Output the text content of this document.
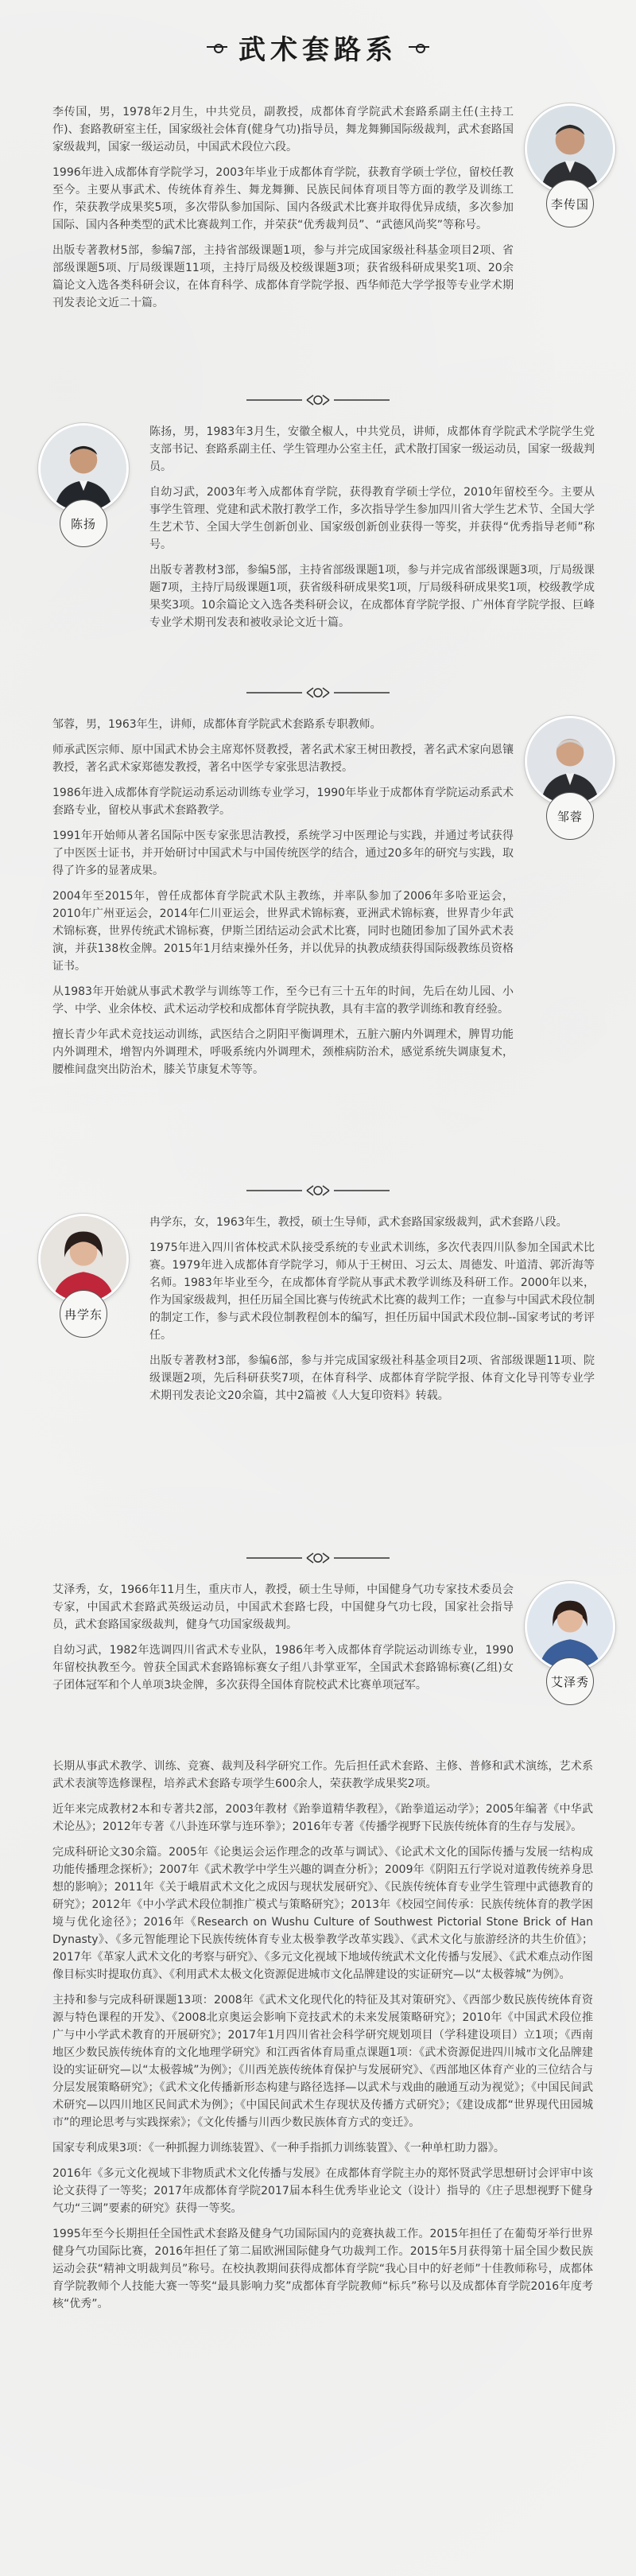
武术套路系

李传国，男，1978年2月生，中共党员，副教授，成都体育学院武术套路系副主任(主持工作)、套路教研室主任，国家级社会体育(健身气功)指导员，舞龙舞狮国际级裁判，武术套路国家级裁判，国家一级运动员，中国武术段位六段。

1996年进入成都体育学院学习，2003年毕业于成都体育学院，获教育学硕士学位，留校任教至今。主要从事武术、传统体育养生、舞龙舞狮、民族民间体育项目等方面的教学及训练工作，荣获教学成果奖5项，多次带队参加国际、国内各级武术比赛并取得优异成绩，多次参加国际、国内各种类型的武术比赛裁判工作，并荣获“优秀裁判员”、“武德风尚奖”等称号。

出版专著教材5部，参编7部，主持省部级课题1项，参与并完成国家级社科基金项目2项、省部级课题5项、厅局级课题11项，主持厅局级及校级课题3项；获省级科研成果奖1项、20余篇论文入选各类科研会议，在体育科学、成都体育学院学报、西华师范大学学报等专业学术期刊发表论文近二十篇。

李传国
陈扬

陈扬，男，1983年3月生，安徽全椒人，中共党员，讲师，成都体育学院武术学院学生党支部书记、套路系副主任、学生管理办公室主任，武术散打国家一级运动员，国家一级裁判员。

自幼习武，2003年考入成都体育学院，获得教育学硕士学位，2010年留校至今。主要从事学生管理、党建和武术散打教学工作，多次指导学生参加四川省大学生艺术节、全国大学生艺术节、全国大学生创新创业、国家级创新创业获得一等奖，并获得“优秀指导老师”称号。

出版专著教材3部，参编5部，主持省部级课题1项，参与并完成省部级课题3项，厅局级课题7项，主持厅局级课题1项，获省级科研成果奖1项，厅局级科研成果奖1项，校级教学成果奖3项。10余篇论文入选各类科研会议，在成都体育学院学报、广州体育学院学报、巨峰专业学术期刊发表和被收录论文近十篇。

邹蓉，男，1963年生，讲师，成都体育学院武术套路系专职教师。

师承武医宗师、原中国武术协会主席郑怀贤教授，著名武术家王树田教授，著名武术家向恩镶教授，著名武术家郑德发教授，著名中医学专家张思洁教授。

1986年进入成都体育学院运动系运动训练专业学习，1990年毕业于成都体育学院运动系武术套路专业，留校从事武术套路教学。

1991年开始师从著名国际中医专家张思洁教授，系统学习中医理论与实践，并通过考试获得了中医医士证书，并开始研讨中国武术与中国传统医学的结合，通过20多年的研究与实践，取得了许多的显著成果。

2004年至2015年，曾任成都体育学院武术队主教练，并率队参加了2006年多哈亚运会，2010年广州亚运会，2014年仁川亚运会，世界武术锦标赛，亚洲武术锦标赛，世界青少年武术锦标赛，世界传统武术锦标赛，伊斯兰团结运动会武术比赛，同时也随团参加了国外武术表演，并获138枚金牌。2015年1月结束操外任务，并以优异的执教成绩获得国际级教练员资格证书。

从1983年开始就从事武术教学与训练等工作，至今已有三十五年的时间，先后在幼儿园、小学、中学、业余体校、武术运动学校和成都体育学院执教，具有丰富的教学训练和教育经验。

擅长青少年武术竞技运动训练，武医结合之阴阳平衡调理术，五脏六腑内外调理术，脾胃功能内外调理术，增智内外调理术，呼吸系统内外调理术，颈椎病防治术，感觉系统失调康复术，腰椎间盘突出防治术，膝关节康复术等等。

邹蓉
冉学东

冉学东，女，1963年生，教授，硕士生导师，武术套路国家级裁判，武术套路八段。

1975年进入四川省体校武术队接受系统的专业武术训练，多次代表四川队参加全国武术比赛。1979年进入成都体育学院学习，师从于王树田、习云太、周德发、叶道清、郭沂海等名师。1983年毕业至今，在成都体育学院从事武术教学训练及科研工作。2000年以来，作为国家级裁判，担任历届全国比赛与传统武术比赛的裁判工作；一直参与中国武术段位制的制定工作，参与武术段位制教程创本的编写，担任历届中国武术段位制--国家考试的考评任。

出版专著教材3部，参编6部，参与并完成国家级社科基金项目2项、省部级课题11项、院级课题2项，先后科研获奖7项，在体育科学、成都体育学院学报、体育文化导刊等专业学术期刊发表论文20余篇，其中2篇被《人大复印资料》转载。

艾泽秀

艾泽秀，女，1966年11月生，重庆市人，教授，硕士生导师，中国健身气功专家技术委员会专家，中国武术套路武英级运动员，中国武术套路七段，中国健身气功七段，国家社会指导员，武术套路国家级裁判，健身气功国家级裁判。

自幼习武，1982年选调四川省武术专业队，1986年考入成都体育学院运动训练专业，1990年留校执教至今。曾获全国武术套路锦标赛女子组八卦掌亚军，全国武术套路锦标赛(乙组)女子团体冠军和个人单项3块金牌，多次获得全国体育院校武术比赛单项冠军。

长期从事武术教学、训练、竞赛、裁判及科学研究工作。先后担任武术套路、主修、普修和武术演练，艺术系武术表演等选修课程，培养武术套路专项学生600余人，荣获教学成果奖2项。

近年来完成教材2本和专著共2部，2003年教材《跆拳道精华教程》，《跆拳道运动学》；2005年编著《中华武术论丛》；2012年专著《八卦连环掌与连环拳》；2016年专著《传播学视野下民族传统体育的生存与发展》。

完成科研论文30余篇。2005年《论奥运会运作理念的改革与调试》、《论武术文化的国际传播与发展一结构成功能传播理念探析》；2007年《武术教学中学生兴趣的调查分析》；2009年《阴阳五行学说对道教传统养身思想的影响》；2011年《关于峨眉武术文化之成因与现状发展研究》、《民族传统体育专业学生管理中武德教育的研究》；2012年《中小学武术段位制推广模式与策略研究》；2013年《校园空间传承：民族传统体育的教学困境与优化途径》；2016年《Research on Wushu Culture of Southwest Pictorial Stone Brick of Han Dynasty》、《多元智能理论下民族传统体育专业太极拳教学改革实践》、《武术文化与旅游经济的共生价值》；2017年《革家人武术文化的考察与研究》、《多元文化视域下地域传统武术文化传播与发展》、《武术难点动作图像目标实时提取仿真》、《利用武术太极文化资源促进城市文化品牌建设的实证研究—以“太极蓉城”为例》。

主持和参与完成科研课题13项：2008年《武术文化现代化的特征及其对策研究》、《西部少数民族传统体育资源与特色课程的开发》、《2008北京奥运会影响下竞技武术的未来发展策略研究》；2010年《中国武术段位推广与中小学武术教育的开展研究》；2017年1月四川省社会科学研究规划项目（学科建设项目）立1项；《西南地区少数民族传统体育的文化地理学研究》和江西省体育局重点课题1项：《武术资源促进四川城市文化品牌建设的实证研究—以“太极蓉城”为例》；《川西羌族传统体育保护与发展研究》、《西部地区体育产业的三位结合与分层发展策略研究》；《武术文化传播新形态构建与路径选择—以武术与戏曲的融通互动为视觉》；《中国民间武术研究—以四川地区民间武术为例》；《中国民间武术生存现状及传播方式研究》；《建设成都“世界现代田园城市”的理论思考与实践探索》；《文化传播与川西少数民族体育方式的变迁》。

国家专利成果3项：《一种抓握力训练装置》、《一种手指抓力训练装置》、《一种单杠助力器》。

2016年《多元文化视域下非物质武术文化传播与发展》在成都体育学院主办的郑怀贤武学思想研讨会评审中该论文获得了一等奖；2017年成都体育学院2017届本科生优秀毕业论文（设计）指导的《庄子思想视野下健身气功“三调”要素的研究》获得一等奖。

1995年至今长期担任全国性武术套路及健身气功国际国内的竞赛执裁工作。2015年担任了在葡萄牙举行世界健身气功国际比赛，2016年担任了第二届欧洲国际健身气功裁判工作。2015年5月获得第十届全国少数民族运动会获“精神文明裁判员”称号。在校执教期间获得成都体育学院“我心目中的好老师”十佳教师称号，成都体育学院教师个人技能大赛一等奖“最具影响力奖”成都体育学院教师“标兵”称号以及成都体育学院2016年度考核“优秀”。
